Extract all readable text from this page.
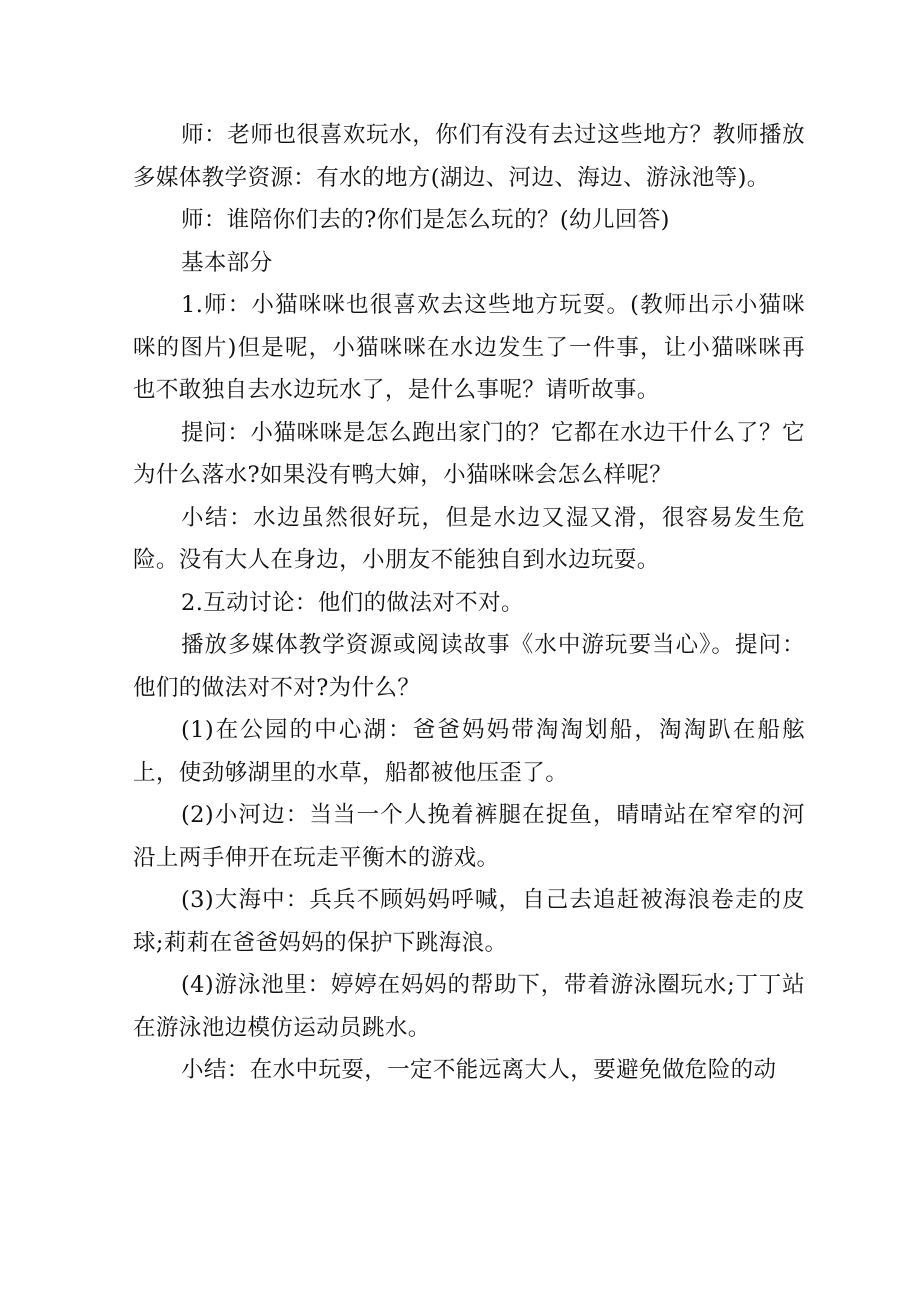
师：老师也很喜欢玩水，你们有没有去过这些地方？教师播放多媒体教学资源：有水的地方(湖边、河边、海边、游泳池等)。

师：谁陪你们去的?你们是怎么玩的？(幼儿回答)

基本部分

1.师：小猫咪咪也很喜欢去这些地方玩耍。(教师出示小猫咪咪的图片)但是呢，小猫咪咪在水边发生了一件事，让小猫咪咪再也不敢独自去水边玩水了，是什么事呢？请听故事。

提问：小猫咪咪是怎么跑出家门的？它都在水边干什么了？它为什么落水?如果没有鸭大婶，小猫咪咪会怎么样呢？

小结：水边虽然很好玩，但是水边又湿又滑，很容易发生危险。没有大人在身边，小朋友不能独自到水边玩耍。

2.互动讨论：他们的做法对不对。

播放多媒体教学资源或阅读故事《水中游玩要当心》。提问：他们的做法对不对?为什么？

(1)在公园的中心湖：爸爸妈妈带淘淘划船，淘淘趴在船舷上，使劲够湖里的水草，船都被他压歪了。

(2)小河边：当当一个人挽着裤腿在捉鱼，晴晴站在窄窄的河沿上两手伸开在玩走平衡木的游戏。

(3)大海中：兵兵不顾妈妈呼喊，自己去追赶被海浪卷走的皮球;莉莉在爸爸妈妈的保护下跳海浪。

(4)游泳池里：婷婷在妈妈的帮助下，带着游泳圈玩水;丁丁站在游泳池边模仿运动员跳水。

小结：在水中玩耍，一定不能远离大人，要避免做危险的动
